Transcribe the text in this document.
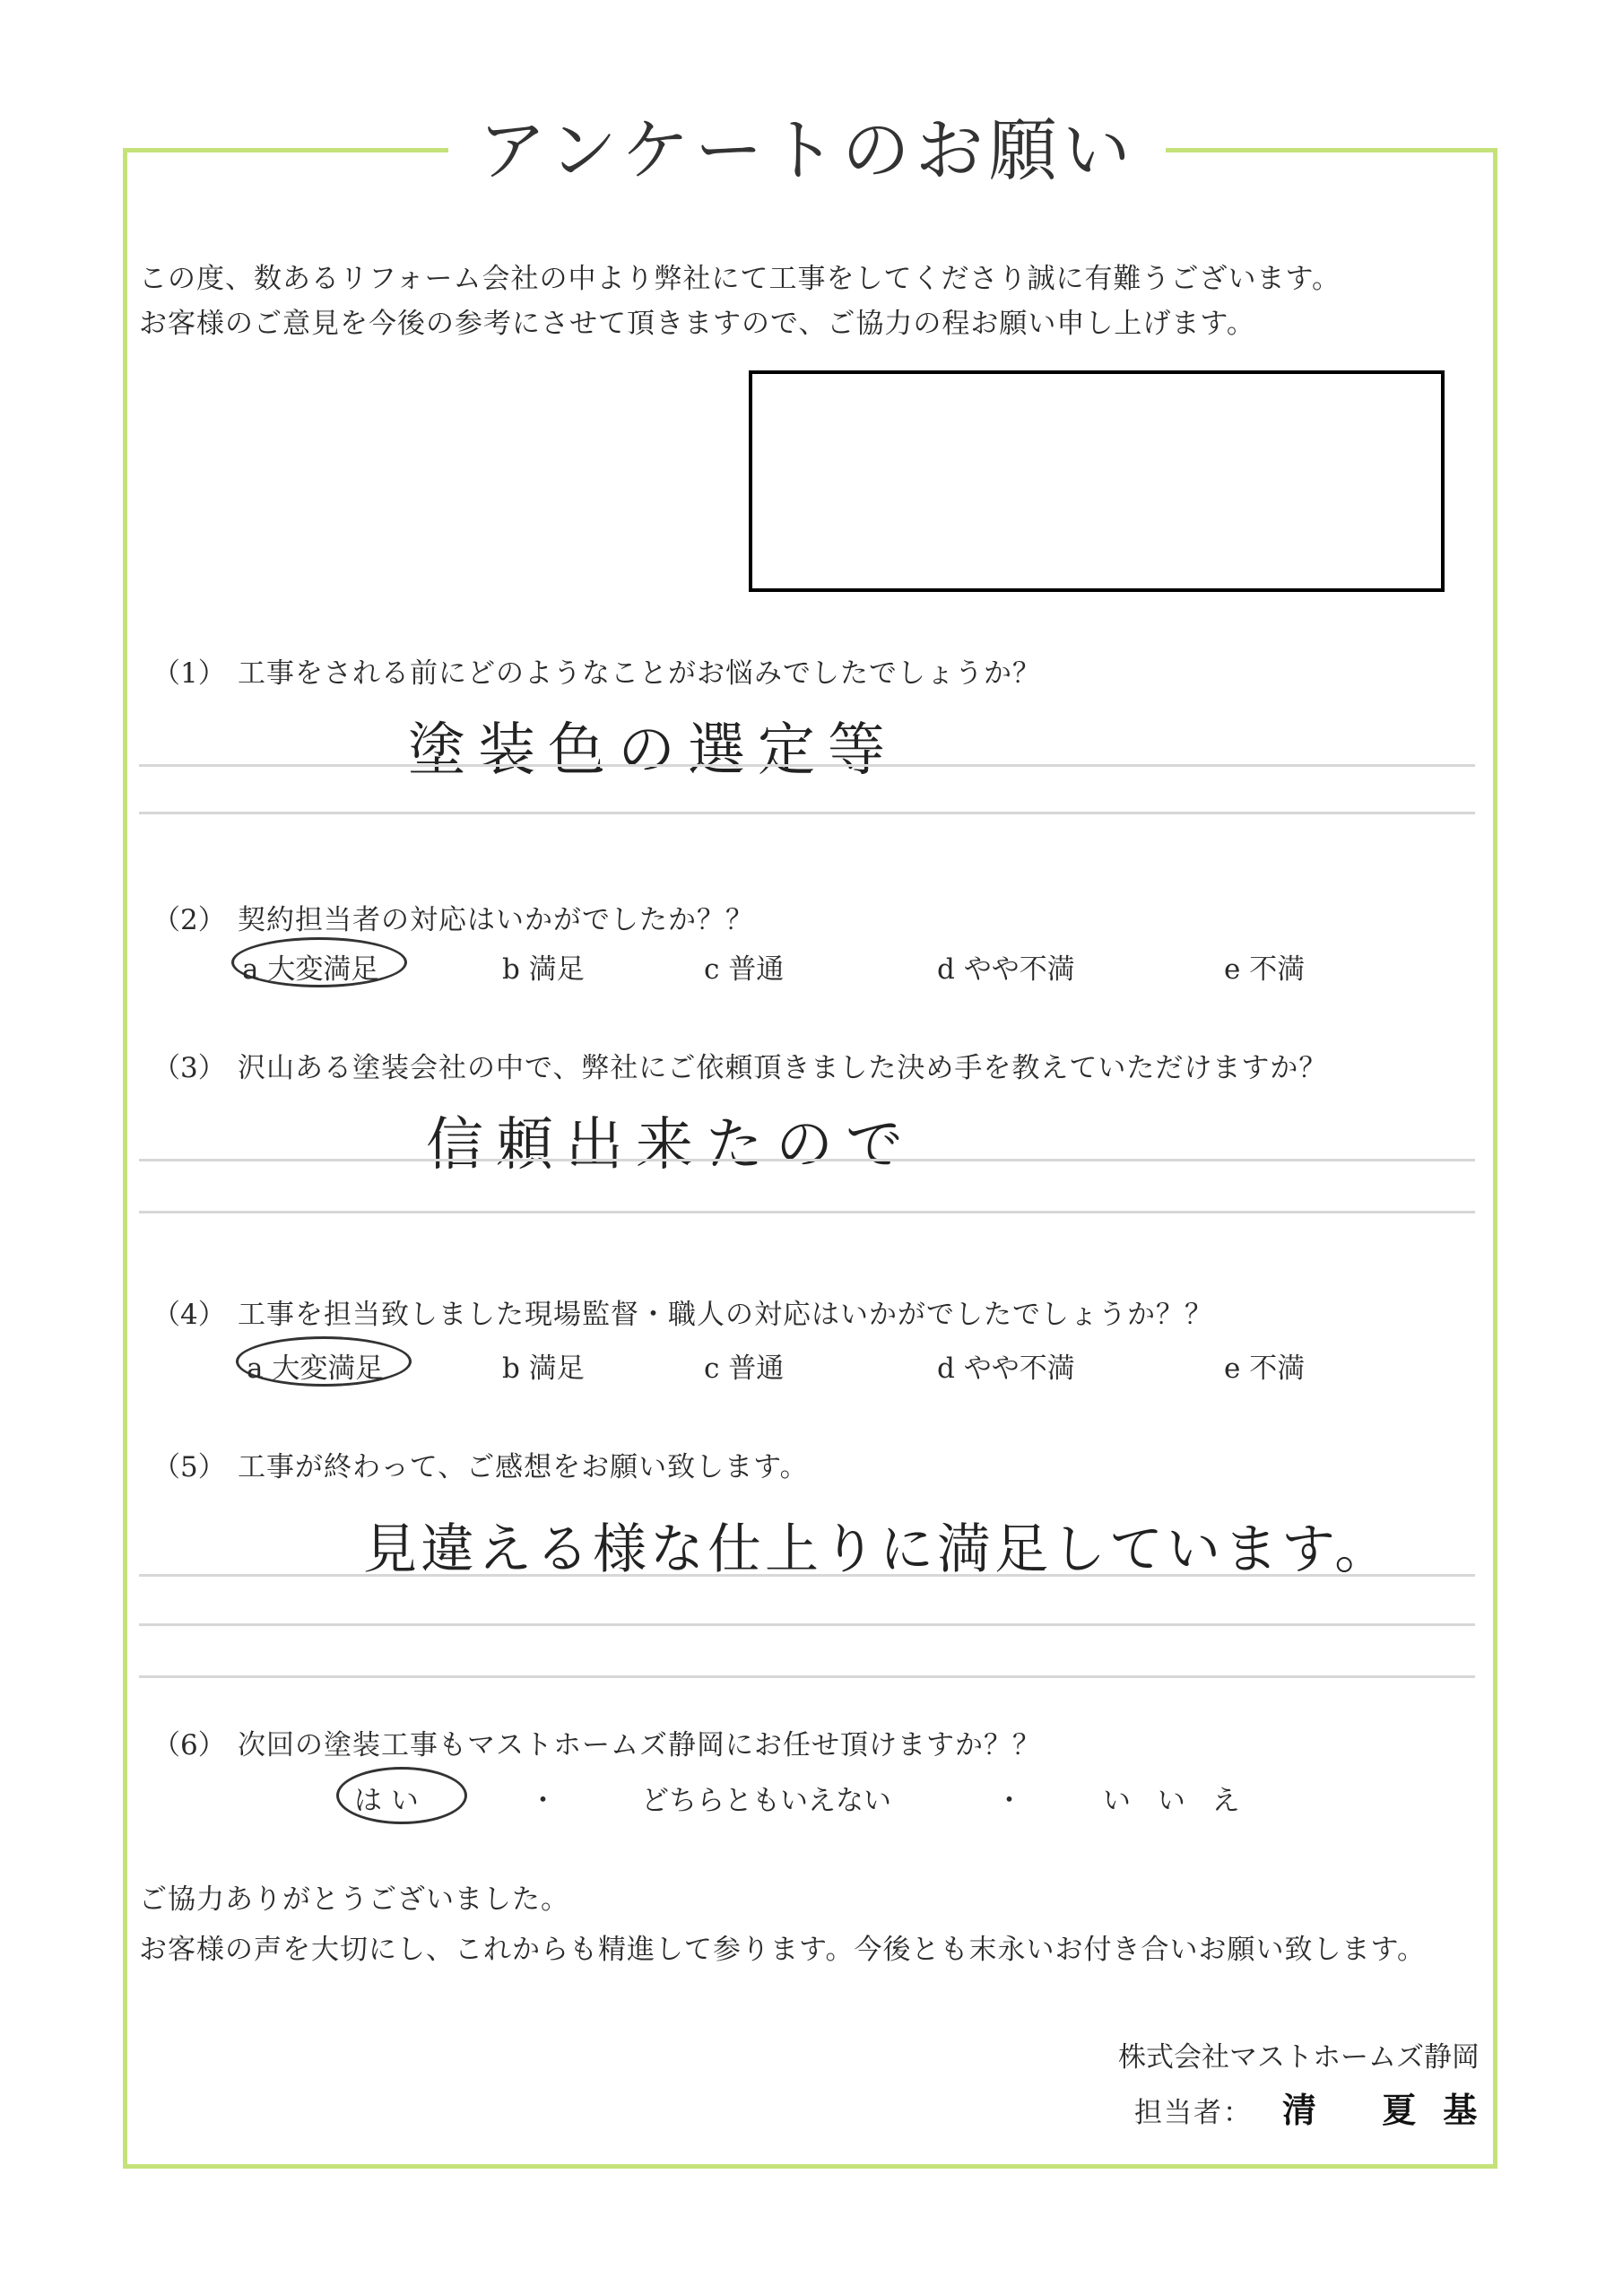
アンケートのお願い
この度、数あるリフォーム会社の中より弊社にて工事をしてくださり誠に有難うございます。
お客様のご意見を今後の参考にさせて頂きますので、ご協力の程お願い申し上げます。
（1） 工事をされる前にどのようなことがお悩みでしたでしょうか？
塗装色の選定等
（2） 契約担当者の対応はいかがでしたか？？
a 大変満足	b 満足	c 普通	d やや不満	e 不満
（3） 沢山ある塗装会社の中で、弊社にご依頼頂きました決め手を教えていただけますか？
信頼出来たので
（4） 工事を担当致しました現場監督・職人の対応はいかがでしたでしょうか？？
a 大変満足	b 満足	c 普通	d やや不満	e 不満
（5） 工事が終わって、ご感想をお願い致します。
見違える様な仕上りに満足しています。
（6） 次回の塗装工事もマストホームズ静岡にお任せ頂けますか？？
は い	・	どちらともいえない	・	い い え
ご協力ありがとうございました。
お客様の声を大切にし、これからも精進して参ります。今後とも末永いお付き合いお願い致します。
株式会社マストホームズ静岡
担当者： 清 夏基
